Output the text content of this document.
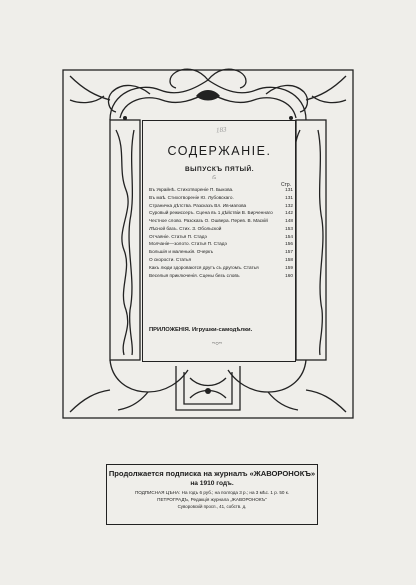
183
СОДЕРЖАНІЕ.
ВЫПУСКЪ ПЯТЫЙ.
/5
Стр.
Въ Украйнѣ. Стихотвореніе П. Быкова.	131
Въ маѣ. Стихотвореніе Ю. Лубовскаго.	131
Страничка дѣтства. Разсказъ Вл. Ив-мапова	132
Суровый режиссеръ. Сцена въ 1 дѣйствіи В. Бирченнаго	142
Честное слово. Разсказъ О. Ошвера. Перев. В. Маскій	148
Лѣсной базъ. Стих. З. Обольской	153
Отчаяніе. Статья П. Стадэ	154
Молчаніе—золото. Статья П. Стадэ	156
Большія и маленькія. Очеркъ	157
О скорости. Статья	158
Какъ люди здороваются другъ съ другомъ. Статья	159
Веселыя приключенія. Сцены безъ словъ	160
ПРИЛОЖЕНІЯ. Игрушки-самодѣлки.
~○~
Продолжается подписка на журналъ «ЖАВОРОНОКЪ»
на 1910 годъ.
ПОДПИСНАЯ ЦѢНА: На годъ 6 руб.; на полгода 3 р.; на 3 мѣс. 1 р. 50 к.
ПЕТРОГРАДЪ, Редакція журнала „ЖАВОРОНОКЪ"
Суворовскій просп., 41, собств. д.
